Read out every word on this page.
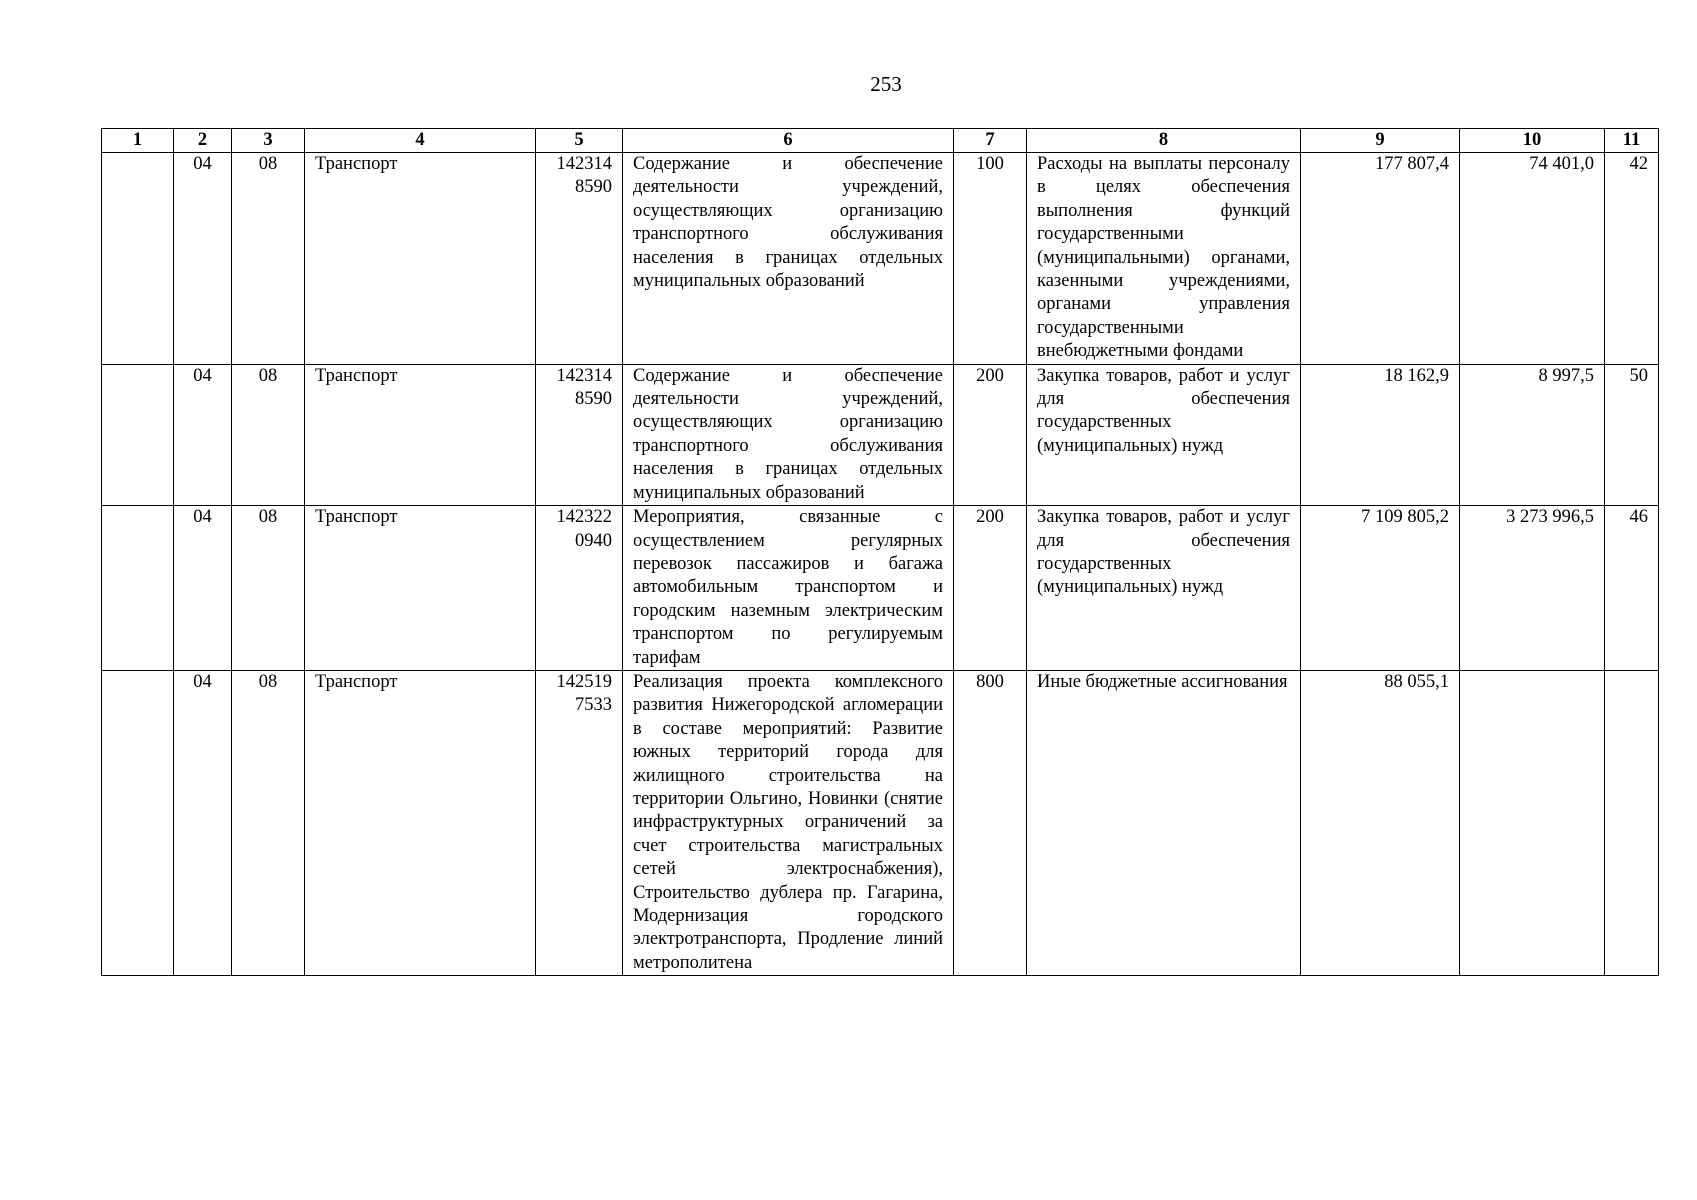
253
1	2	3	4	5	6	7	8	9	10	11
	04	08	Транспорт	142314 8590	Содержание и обеспечение деятельности учреждений, осуществляющих организацию транспортного обслуживания населения в границах отдельных муниципальных образований	100	Расходы на выплаты персоналу в целях обеспечения выполнения функций государственными (муниципальными) органами, казенными учреждениями, органами управления государственными внебюджетными фондами	177 807,4	74 401,0	42
	04	08	Транспорт	142314 8590	Содержание и обеспечение деятельности учреждений, осуществляющих организацию транспортного обслуживания населения в границах отдельных муниципальных образований	200	Закупка товаров, работ и услуг для обеспечения государственных (муниципальных) нужд	18 162,9	8 997,5	50
	04	08	Транспорт	142322 0940	Мероприятия, связанные с осуществлением регулярных перевозок пассажиров и багажа автомобильным транспортом и городским наземным электрическим транспортом по регулируемым тарифам	200	Закупка товаров, работ и услуг для обеспечения государственных (муниципальных) нужд	7 109 805,2	3 273 996,5	46
	04	08	Транспорт	142519 7533	Реализация проекта комплексного развития Нижегородской агломерации в составе мероприятий: Развитие южных территорий города для жилищного строительства на территории Ольгино, Новинки (снятие инфраструктурных ограничений за счет строительства магистральных сетей электроснабжения), Строительство дублера пр. Гагарина, Модернизация городского электротранспорта, Продление линий метрополитена	800	Иные бюджетные ассигнования	88 055,1		
